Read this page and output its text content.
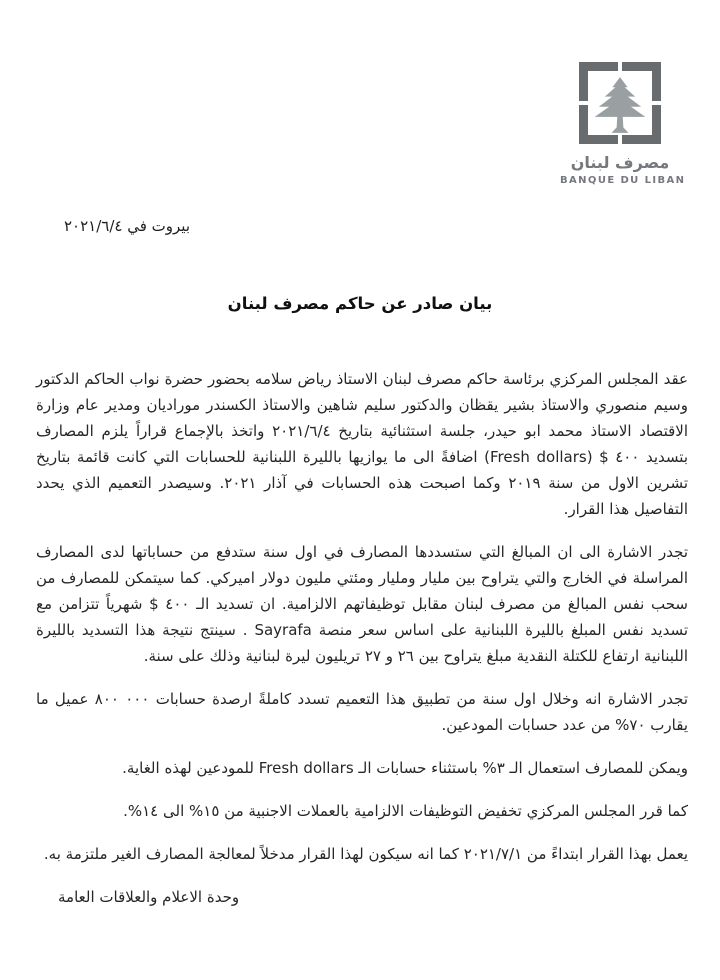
مصرف لبنان
BANQUE DU LIBAN
بيروت في ٢٠٢١/٦/٤
بيان صادر عن حاكم مصرف لبنان

عقد المجلس المركزي برئاسة حاكم مصرف لبنان الاستاذ رياض سلامه بحضور حضرة نواب الحاكم الدكتور وسيم منصوري والاستاذ بشير يقظان والدكتور سليم شاهين والاستاذ الكسندر موراديان ومدير عام وزارة الاقتصاد الاستاذ محمد ابو حيدر، جلسة استثنائية بتاريخ ٢٠٢١/٦/٤ واتخذ بالإجماع قراراً يلزم المصارف بتسديد ٤٠٠ $ (Fresh dollars) اضافةً الى ما يوازيها بالليرة اللبنانية للحسابات التي كانت قائمة بتاريخ تشرين الاول من سنة ٢٠١٩ وكما اصبحت هذه الحسابات في آذار ٢٠٢١. وسيصدر التعميم الذي يحدد التفاصيل هذا القرار.

تجدر الاشارة الى ان المبالغ التي ستسددها المصارف في اول سنة ستدفع من حساباتها لدى المصارف المراسلة في الخارج والتي يتراوح بين مليار ومليار ومئتي مليون دولار اميركي. كما سيتمكن للمصارف من سحب نفس المبالغ من مصرف لبنان مقابل توظيفاتهم الالزامية. ان تسديد الـ ٤٠٠ $ شهرياً تتزامن مع تسديد نفس المبلغ بالليرة اللبنانية على اساس سعر منصة Sayrafa . سينتج نتيجة هذا التسديد بالليرة اللبنانية ارتفاع للكتلة النقدية مبلغ يتراوح بين ٢٦ و ٢٧ تريليون ليرة لبنانية وذلك على سنة.

تجدر الاشارة انه وخلال اول سنة من تطبيق هذا التعميم تسدد كاملةً ارصدة حسابات ٨٠٠ ٠٠٠ عميل ما يقارب ٧٠% من عدد حسابات المودعين.

ويمكن للمصارف استعمال الـ ٣% باستثناء حسابات الـ Fresh dollars للمودعين لهذه الغاية.

كما قرر المجلس المركزي تخفيض التوظيفات الالزامية بالعملات الاجنبية من ١٥% الى ١٤%.

يعمل بهذا القرار ابتداءً من ٢٠٢١/٧/١ كما انه سيكون لهذا القرار مدخلاً لمعالجة المصارف الغير ملتزمة به.

وحدة الاعلام والعلاقات العامة
